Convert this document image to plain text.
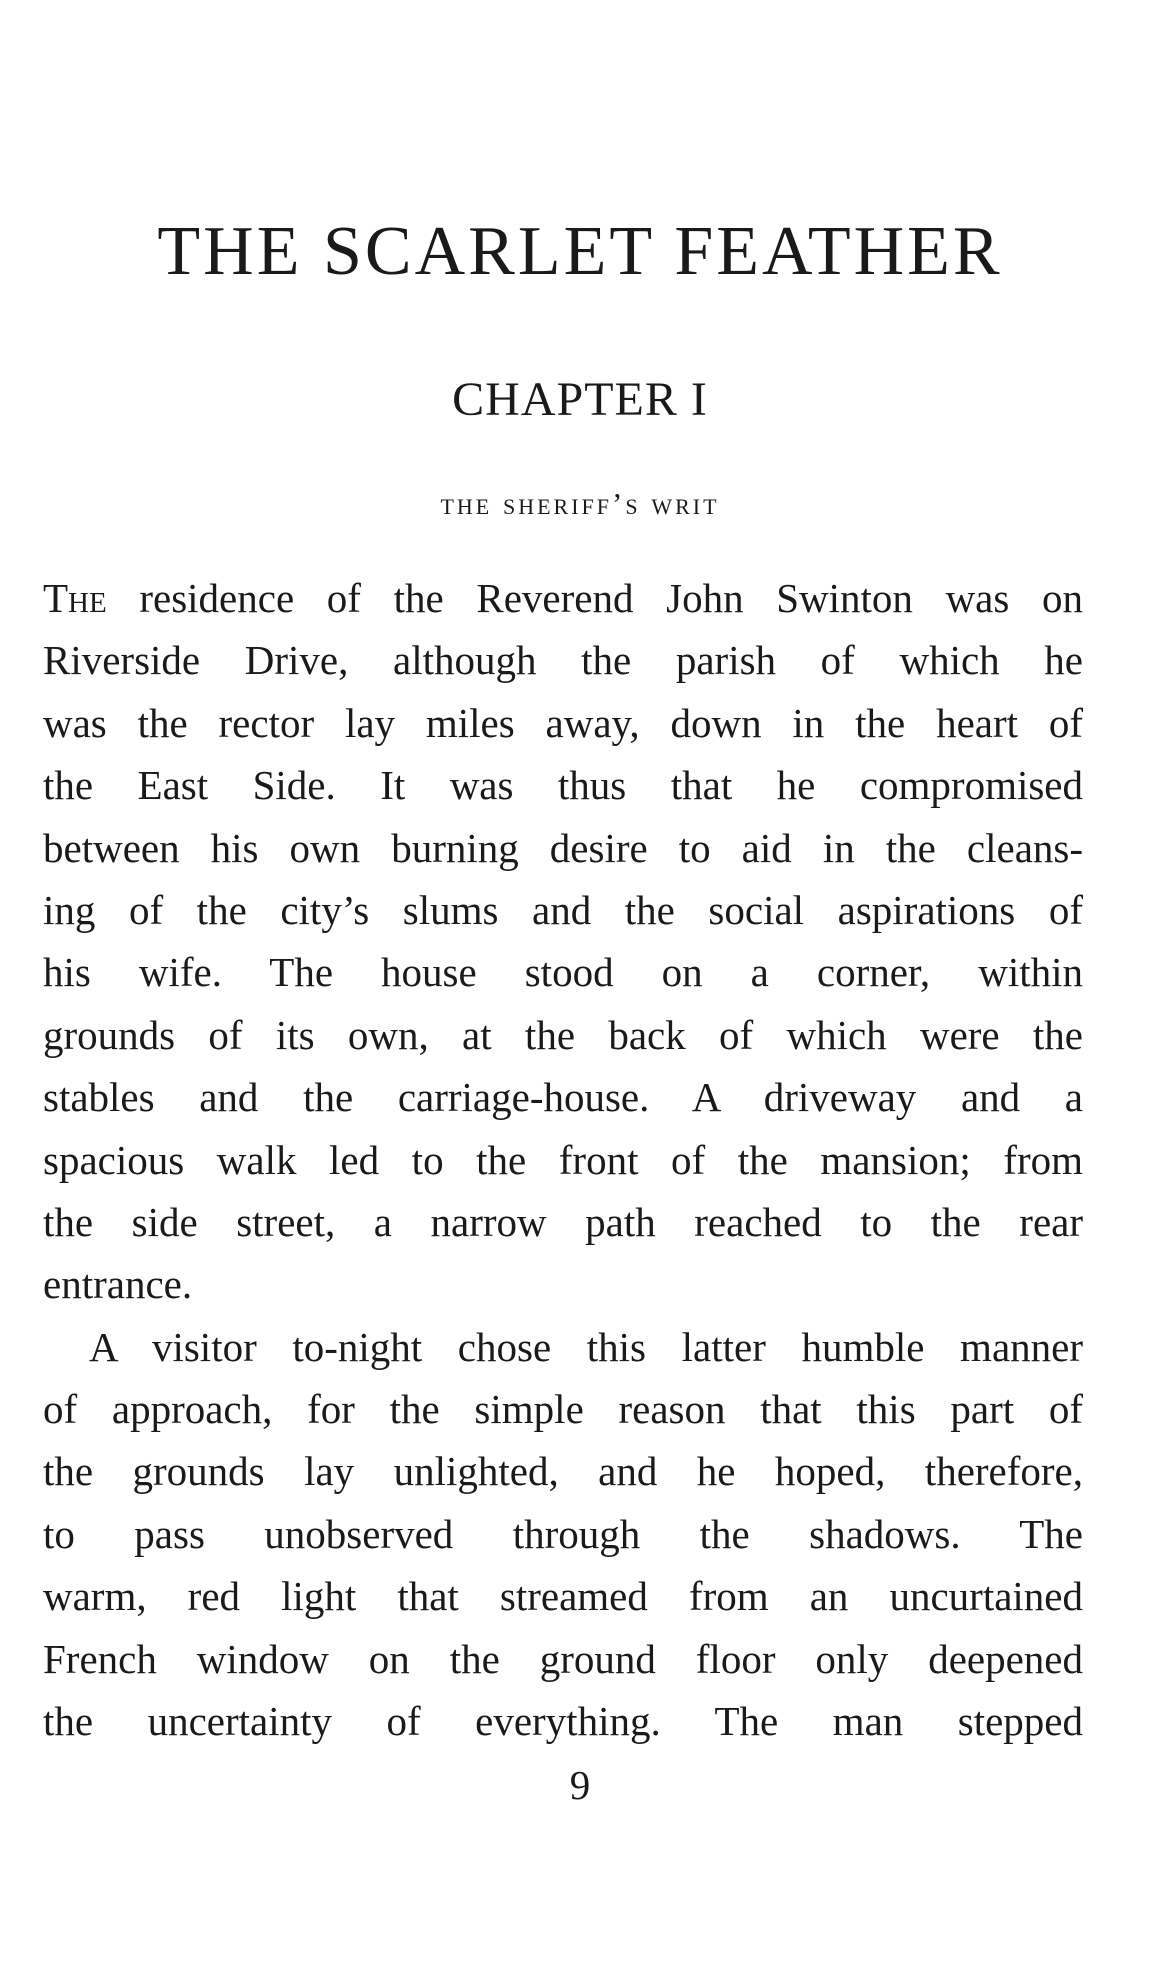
THE SCARLET FEATHER
CHAPTER I
the sheriff’s writ
The residence of the Reverend John Swinton was on
Riverside Drive, although the parish of which he
was the rector lay miles away, down in the heart of
the East Side. It was thus that he compromised
between his own burning desire to aid in the cleans-
ing of the city’s slums and the social aspirations of
his wife. The house stood on a corner, within
grounds of its own, at the back of which were the
stables and the carriage-house. A driveway and a
spacious walk led to the front of the mansion; from
the side street, a narrow path reached to the rear
entrance.
A visitor to-night chose this latter humble manner
of approach, for the simple reason that this part of
the grounds lay unlighted, and he hoped, therefore,
to pass unobserved through the shadows. The
warm, red light that streamed from an uncurtained
French window on the ground floor only deepened
the uncertainty of everything. The man stepped
9
